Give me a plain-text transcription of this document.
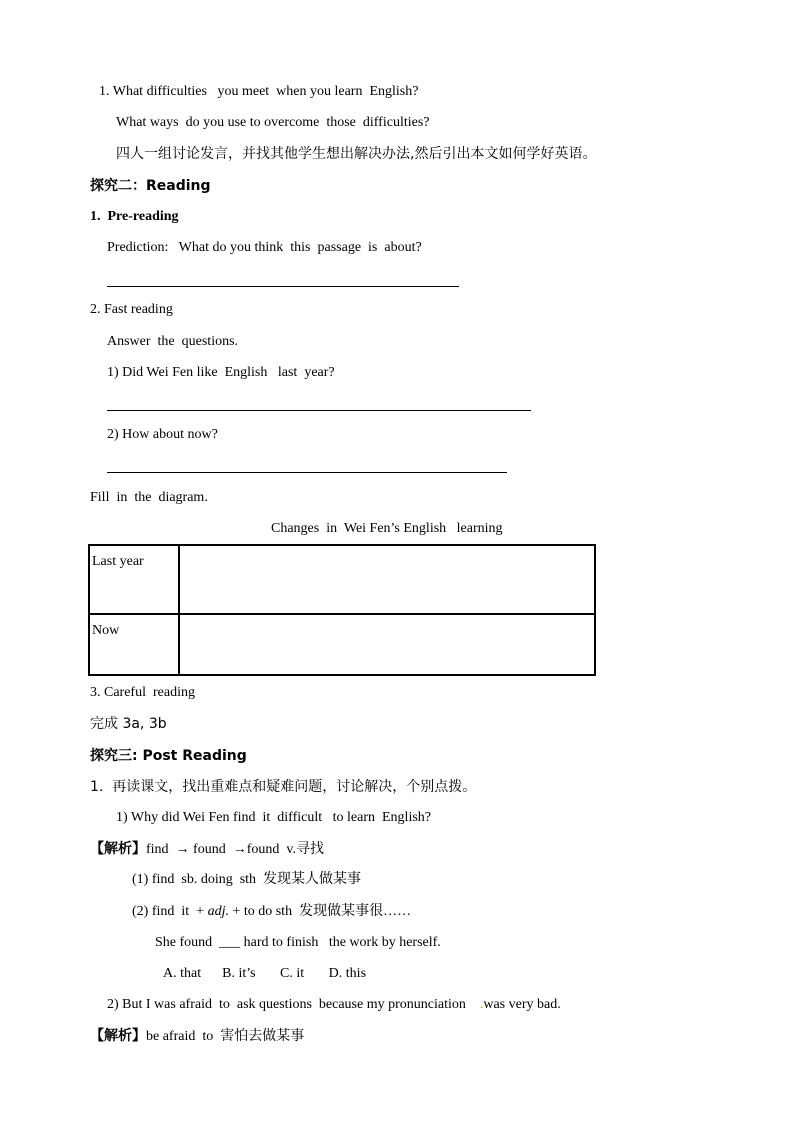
1. What difficulties   you meet  when you learn  English?
What ways  do you use to overcome  those  difficulties?
四人一组讨论发言，并找其他学生想出解决办法,然后引出本文如何学好英语。
探究二：Reading
1.  Pre-reading
Prediction:   What do you think  this  passage  is  about?
2. Fast reading
Answer  the  questions.
1) Did Wei Fen like  English   last  year?
2) How about now?
Fill  in  the  diagram.
Changes  in  Wei Fen’s English   learning
Last year	
Now	
3. Careful  reading
完成 3a, 3b
探究三: Post Reading
1.  再读课文，找出重难点和疑难问题，讨论解决，个别点拨。
1) Why did Wei Fen find  it  difficult   to learn  English?
【解析】find  → found  →found  v.寻找
(1) find  sb. doing  sth  发现某人做某事
(2) find  it  + adj. + to do sth  发现做某事很……
She found  ___ hard to finish   the work by herself.
A. that      B. it’s       C. it       D. this
2) But I was afraid  to  ask questions  because my pronunciation    .was very bad.
【解析】be afraid  to  害怕去做某事
